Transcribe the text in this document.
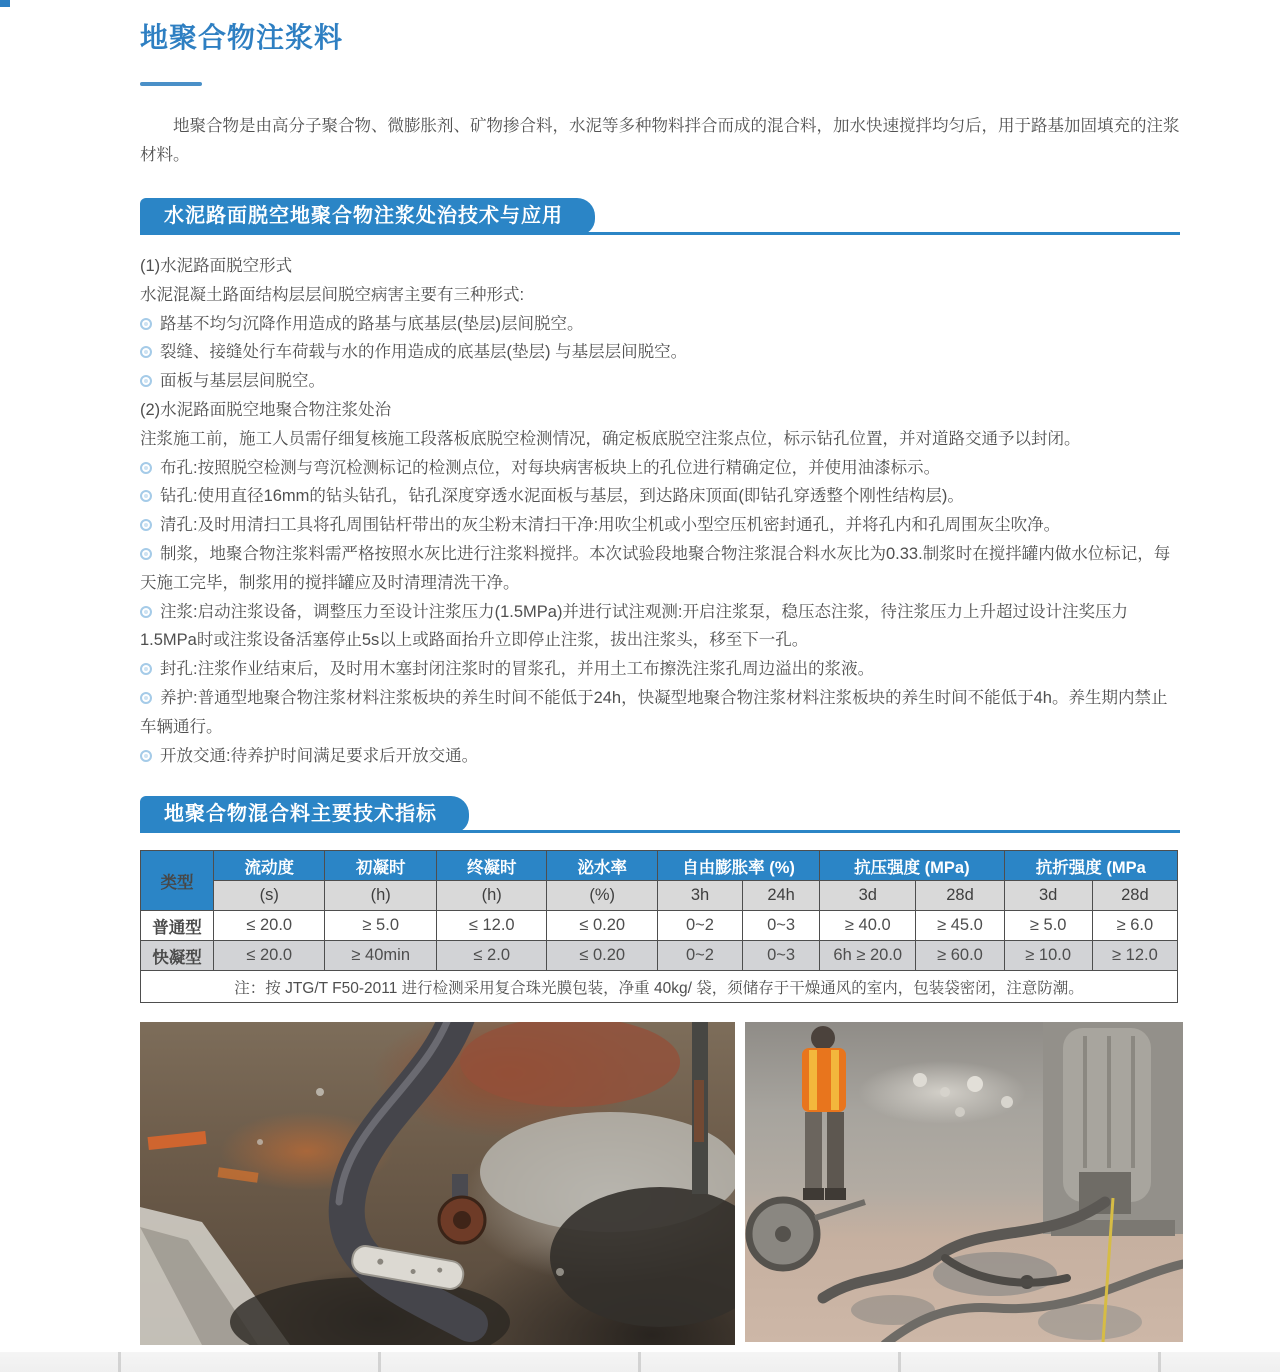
地聚合物注浆料

地聚合物是由高分子聚合物、微膨胀剂、矿物掺合料，水泥等多种物料拌合而成的混合料，加水快速搅拌均匀后，用于路基加固填充的注浆材料。

水泥路面脱空地聚合物注浆处治技术与应用

(1)水泥路面脱空形式

水泥混凝土路面结构层层间脱空病害主要有三种形式:

路基不均匀沉降作用造成的路基与底基层(垫层)层间脱空。

裂缝、接缝处行车荷载与水的作用造成的底基层(垫层) 与基层层间脱空。

面板与基层层间脱空。

(2)水泥路面脱空地聚合物注浆处治

注浆施工前，施工人员需仔细复核施工段落板底脱空检测情况，确定板底脱空注浆点位，标示钻孔位置，并对道路交通予以封闭。

布孔:按照脱空检测与弯沉检测标记的检测点位，对每块病害板块上的孔位进行精确定位，并使用油漆标示。

钻孔:使用直径16mm的钻头钻孔，钻孔深度穿透水泥面板与基层，到达路床顶面(即钻孔穿透整个刚性结构层)。

清孔:及时用清扫工具将孔周围钻杆带出的灰尘粉末清扫干净:用吹尘机或小型空压机密封通孔，并将孔内和孔周围灰尘吹净。

制浆，地聚合物注浆料需严格按照水灰比进行注浆料搅拌。本次试验段地聚合物注浆混合料水灰比为0.33.制浆时在搅拌罐内做水位标记，每天施工完毕，制浆用的搅拌罐应及时清理清洗干净。

注浆:启动注浆设备，调整压力至设计注浆压力(1.5MPa)并进行试注观测:开启注浆泵，稳压态注浆，待注浆压力上升超过设计注奖压力1.5MPa时或注浆设备活塞停止5s以上或路面抬升立即停止注浆，拔出注浆头，移至下一孔。

封孔:注浆作业结束后，及时用木塞封闭注浆时的冒浆孔，并用土工布擦洗注浆孔周边溢出的浆液。

养护:普通型地聚合物注浆材料注浆板块的养生时间不能低于24h，快凝型地聚合物注浆材料注浆板块的养生时间不能低于4h。养生期内禁止车辆通行。

开放交通:待养护时间满足要求后开放交通。

地聚合物混合料主要技术指标
类型	流动度	初凝时	终凝时	泌水率	自由膨胀率 (%)		抗压强度 (MPa)		抗折强度 (MPa	
	(s)	(h)	(h)	(%)	3h	24h	3d	28d	3d	28d
普通型	≤ 20.0	≥ 5.0	≤ 12.0	≤ 0.20	0~2	0~3	≥ 40.0	≥ 45.0	≥ 5.0	≥ 6.0
快凝型	≤ 20.0	≥ 40min	≤ 2.0	≤ 0.20	0~2	0~3	6h ≥ 20.0	≥ 60.0	≥ 10.0	≥ 12.0
注：按 JTG/T F50-2011 进行检测采用复合珠光膜包装，净重 40kg/ 袋，须储存于干燥通风的室内，包装袋密闭，注意防潮。										
